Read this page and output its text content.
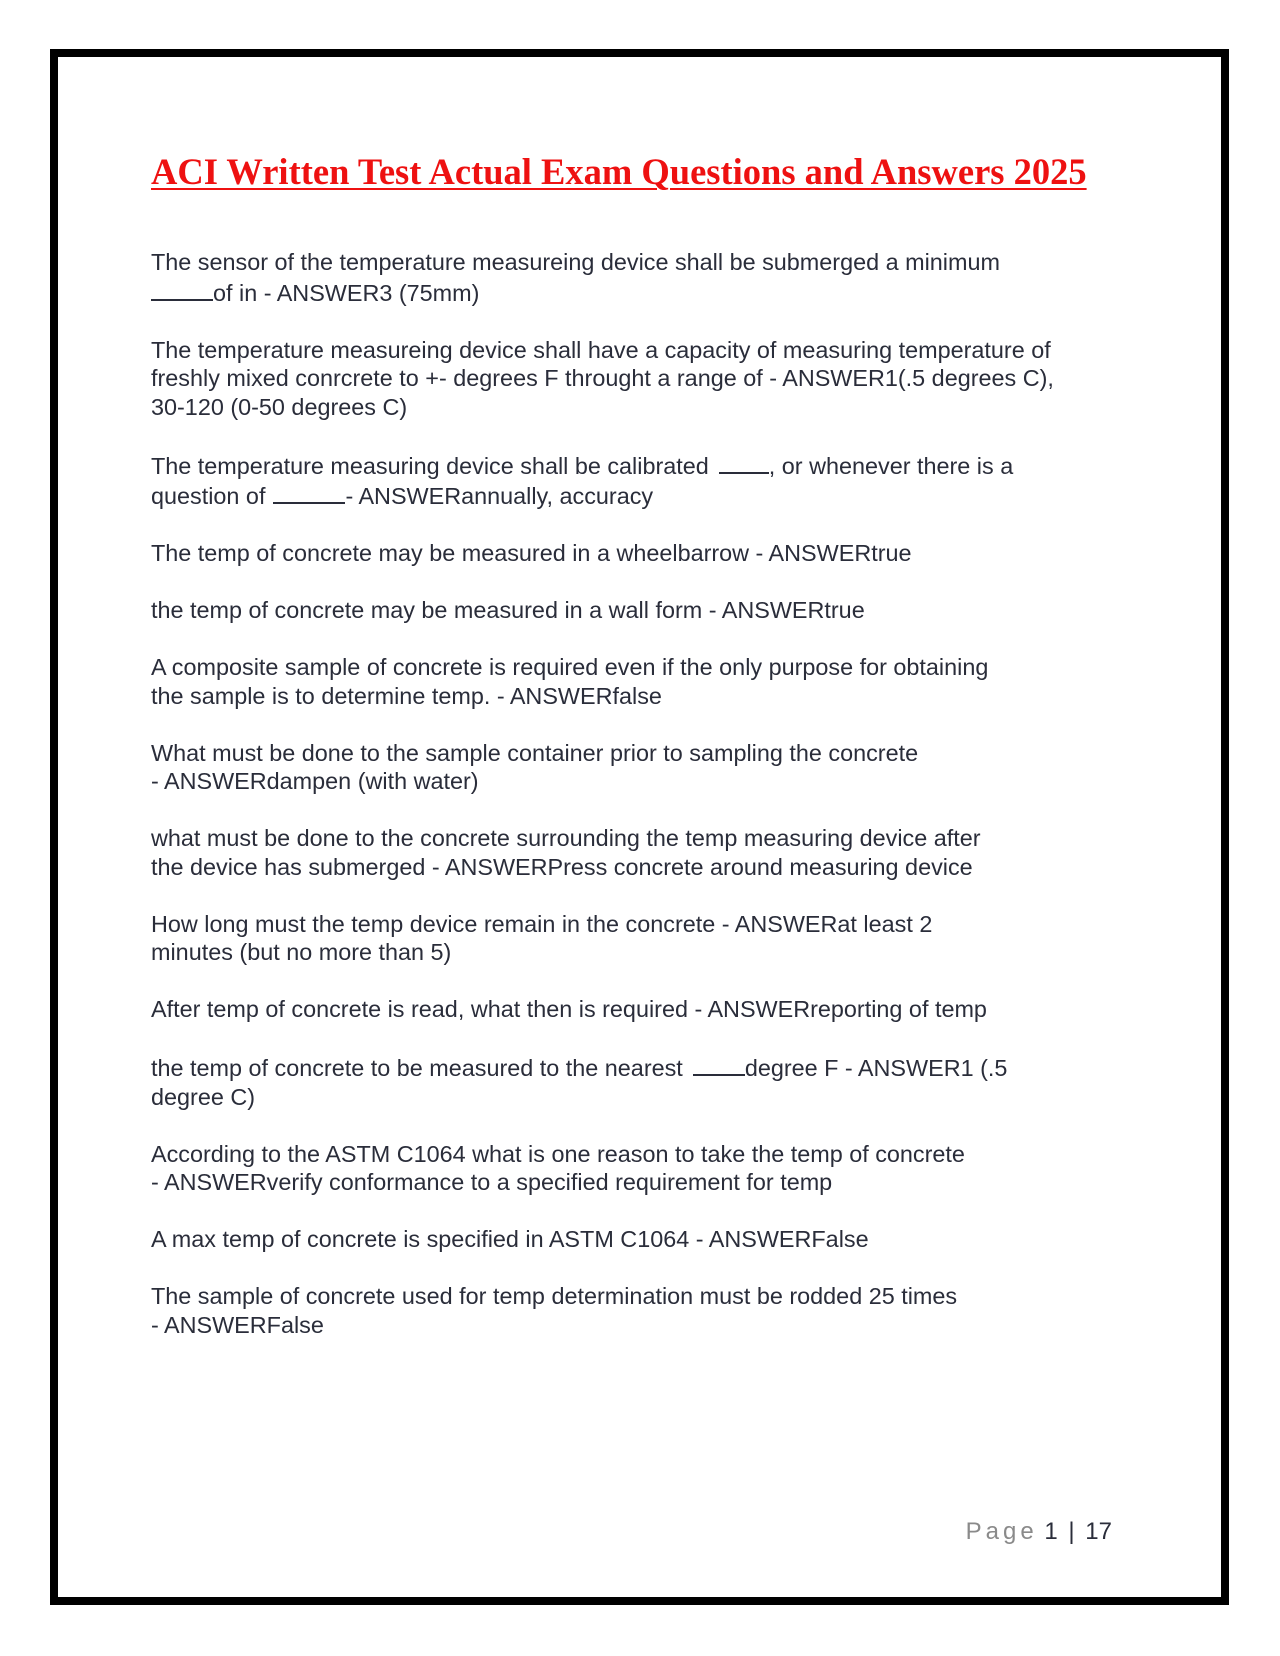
ACI Written Test Actual Exam Questions and Answers 2025
The sensor of the temperature measureing device shall be submerged a minimum
of in - ANSWER3 (75mm)
The temperature measureing device shall have a capacity of measuring temperature of
freshly mixed conrcrete to +- degrees F throught a range of - ANSWER1(.5 degrees C),
30-120 (0-50 degrees C)
The temperature measuring device shall be calibrated	, or whenever there is a
question of	- ANSWERannually, accuracy
The temp of concrete may be measured in a wheelbarrow - ANSWERtrue
the temp of concrete may be measured in a wall form - ANSWERtrue
A composite sample of concrete is required even if the only purpose for obtaining
the sample is to determine temp. - ANSWERfalse
What must be done to the sample container prior to sampling the concrete
- ANSWERdampen (with water)
what must be done to the concrete surrounding the temp measuring device after
the device has submerged - ANSWERPress concrete around measuring device
How long must the temp device remain in the concrete - ANSWERat least 2
minutes (but no more than 5)
After temp of concrete is read, what then is required - ANSWERreporting of temp
the temp of concrete to be measured to the nearest	degree F - ANSWER1 (.5
degree C)
According to the ASTM C1064 what is one reason to take the temp of concrete
- ANSWERverify conformance to a specified requirement for temp
A max temp of concrete is specified in ASTM C1064 - ANSWERFalse
The sample of concrete used for temp determination must be rodded 25 times
- ANSWERFalse
Page 1 | 17
